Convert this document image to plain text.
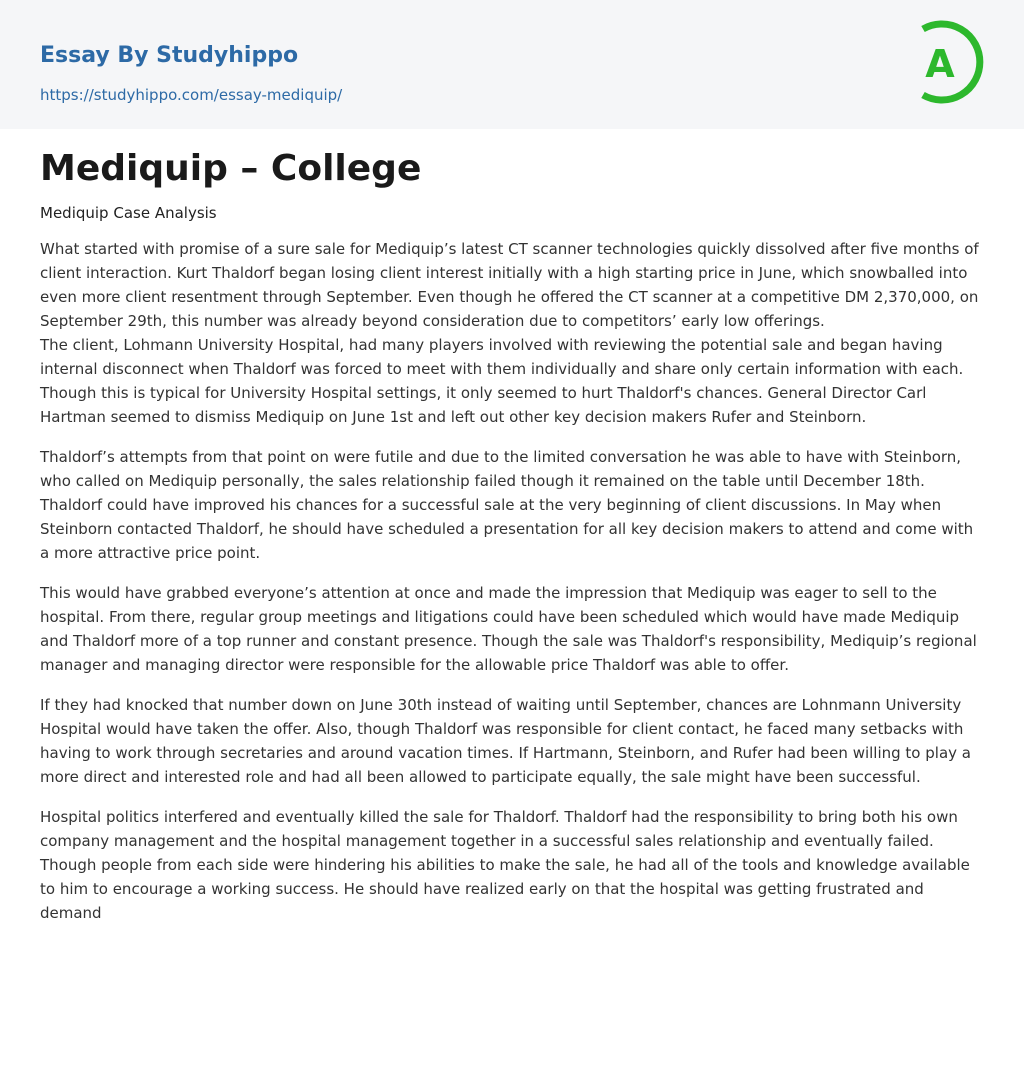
Essay By Studyhippo
https://studyhippo.com/essay-mediquip/
A
Mediquip – College

Mediquip Case Analysis

What started with promise of a sure sale for Mediquip’s latest CT scanner technologies quickly dissolved after five months of client interaction. Kurt Thaldorf began losing client interest initially with a high starting price in June, which snowballed into even more client resentment through September. Even though he offered the CT scanner at a competitive DM 2,370,000, on September 29th, this number was already beyond consideration due to competitors’ early low offerings.

The client, Lohmann University Hospital, had many players involved with reviewing the potential sale and began having internal disconnect when Thaldorf was forced to meet with them individually and share only certain information with each. Though this is typical for University Hospital settings, it only seemed to hurt Thaldorf's chances. General Director Carl Hartman seemed to dismiss Mediquip on June 1st and left out other key decision makers Rufer and Steinborn.

Thaldorf’s attempts from that point on were futile and due to the limited conversation he was able to have with Steinborn, who called on Mediquip personally, the sales relationship failed though it remained on the table until December 18th. Thaldorf could have improved his chances for a successful sale at the very beginning of client discussions. In May when Steinborn contacted Thaldorf, he should have scheduled a presentation for all key decision makers to attend and come with a more attractive price point.

This would have grabbed everyone’s attention at once and made the impression that Mediquip was eager to sell to the hospital. From there, regular group meetings and litigations could have been scheduled which would have made Mediquip and Thaldorf more of a top runner and constant presence. Though the sale was Thaldorf's responsibility, Mediquip’s regional manager and managing director were responsible for the allowable price Thaldorf was able to offer.

If they had knocked that number down on June 30th instead of waiting until September, chances are Lohnmann University Hospital would have taken the offer. Also, though Thaldorf was responsible for client contact, he faced many setbacks with having to work through secretaries and around vacation times. If Hartmann, Steinborn, and Rufer had been willing to play a more direct and interested role and had all been allowed to participate equally, the sale might have been successful.

Hospital politics interfered and eventually killed the sale for Thaldorf. Thaldorf had the responsibility to bring both his own company management and the hospital management together in a successful sales relationship and eventually failed. Though people from each side were hindering his abilities to make the sale, he had all of the tools and knowledge available to him to encourage a working success. He should have realized early on that the hospital was getting frustrated and demand
